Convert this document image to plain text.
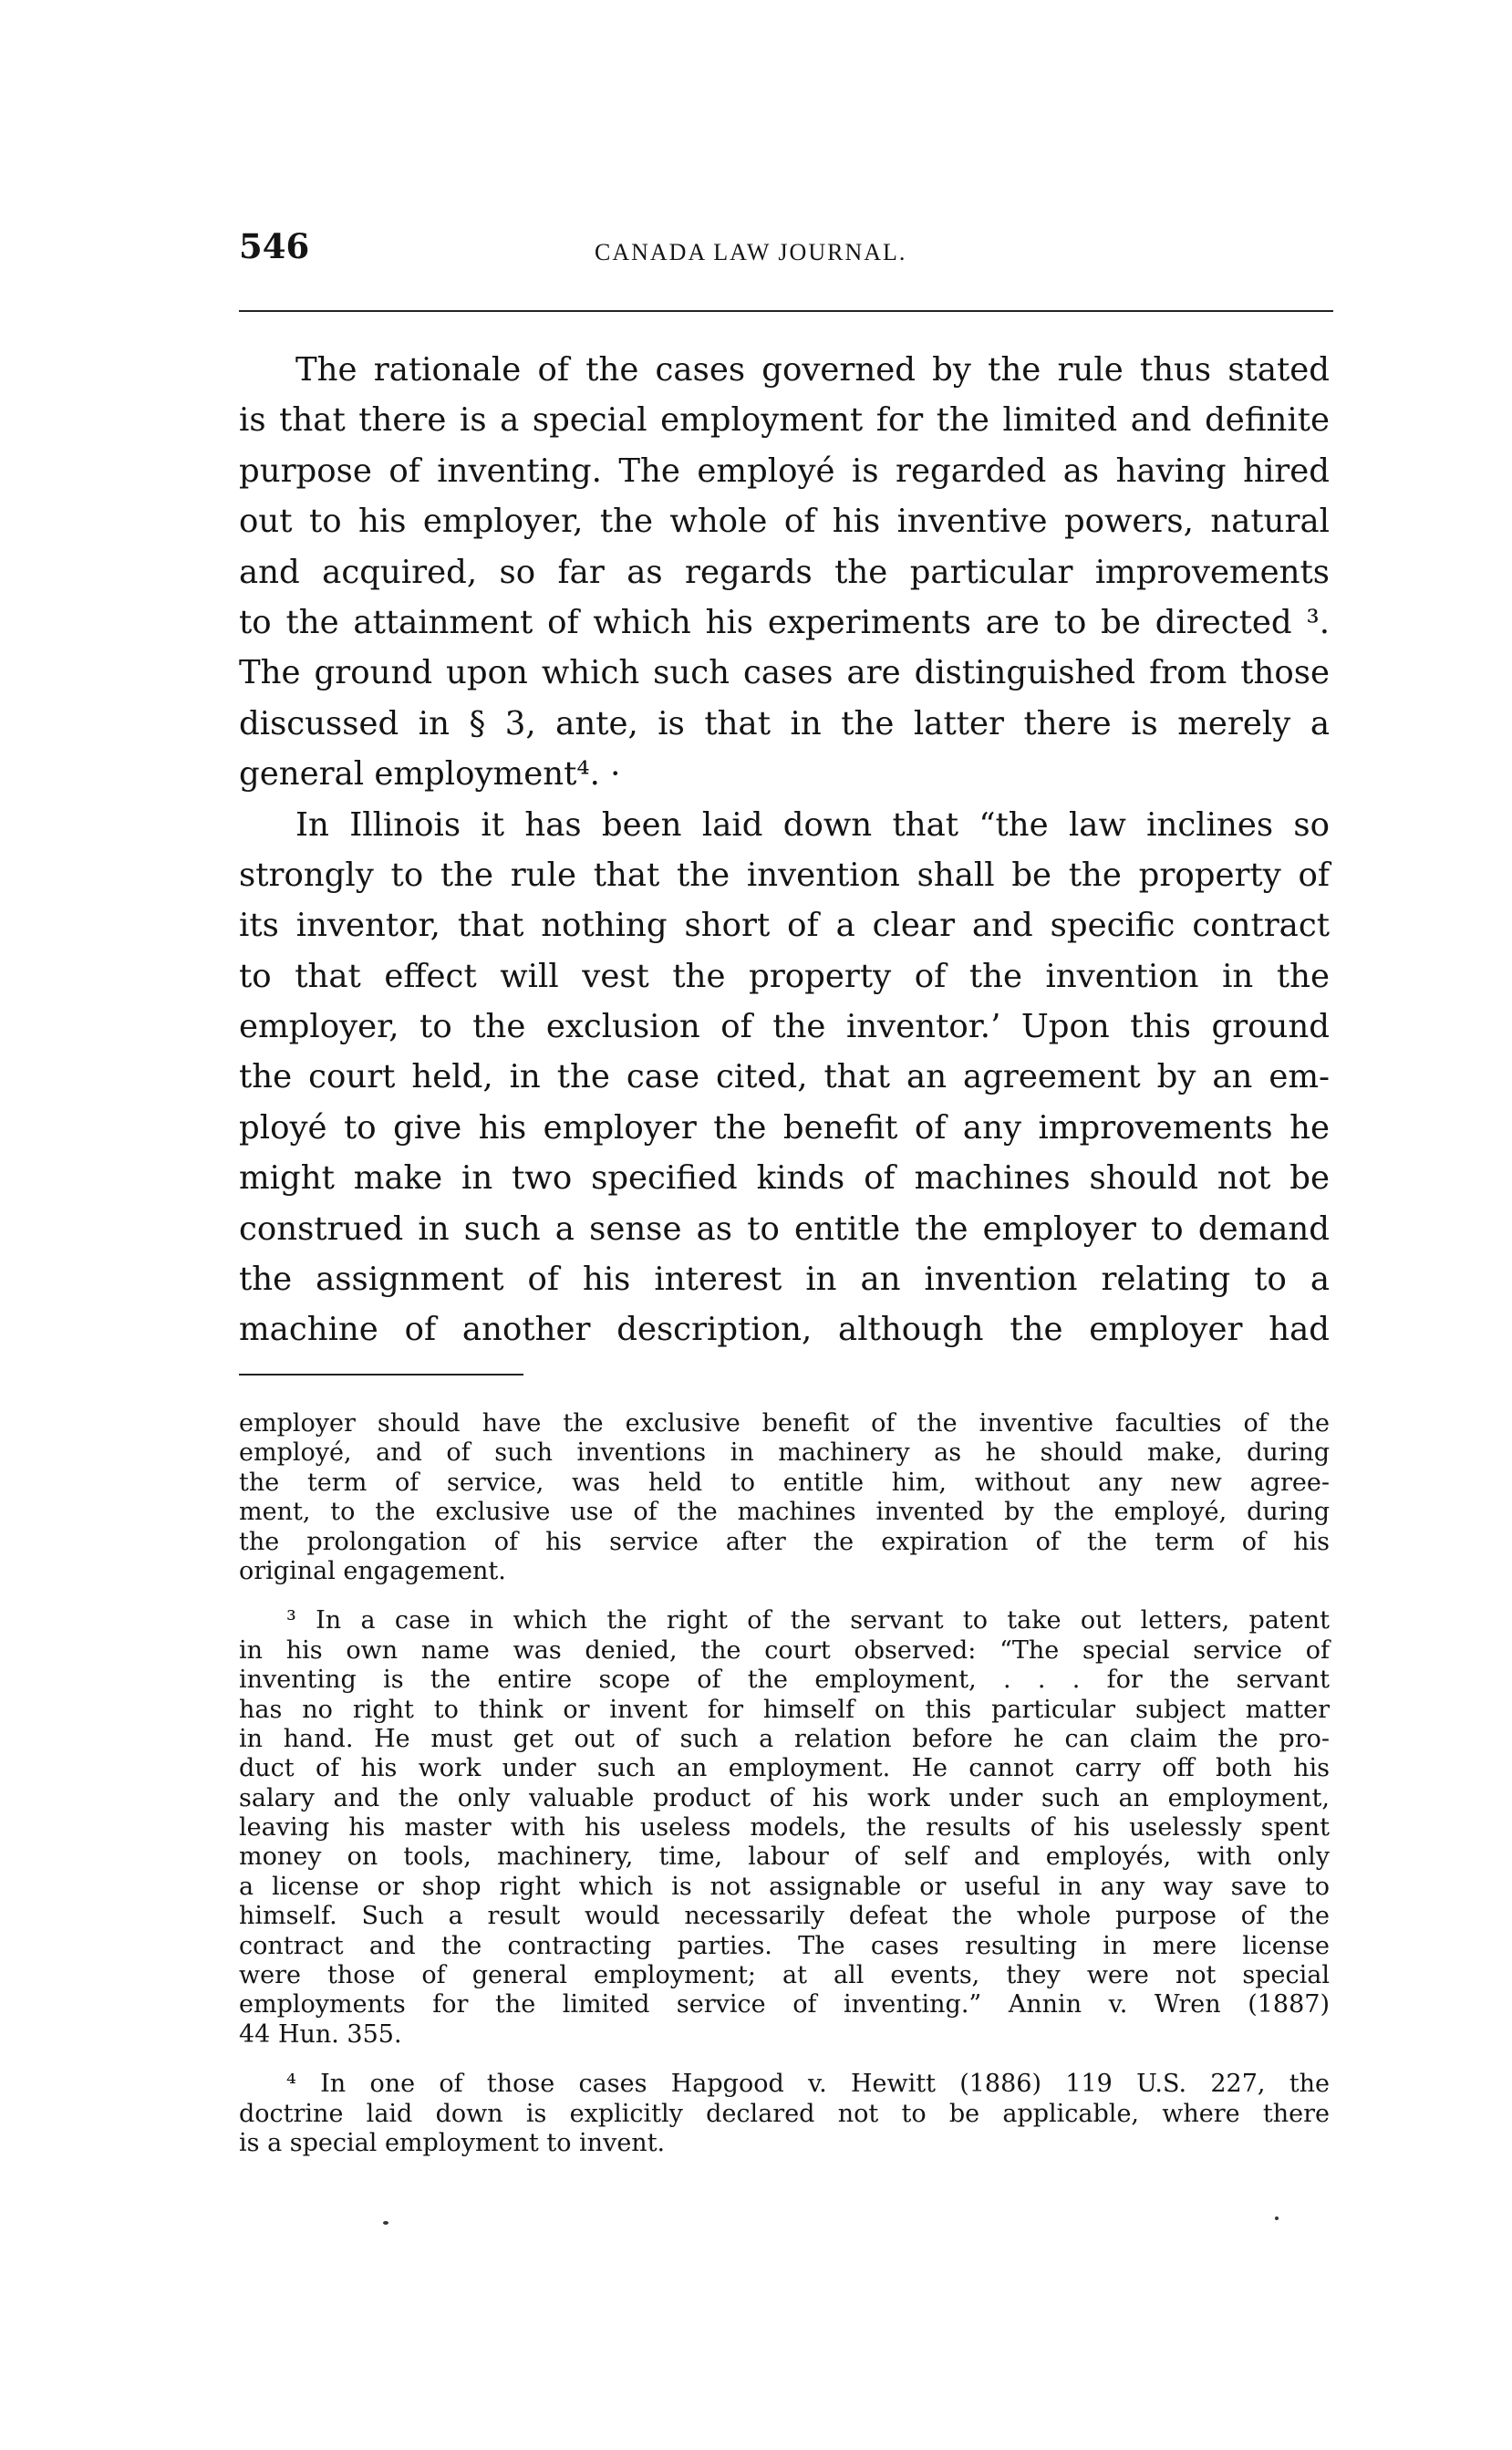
546	CANADA LAW JOURNAL.
The rationale of the cases governed by the rule thus stated
is that there is a special employment for the limited and definite
purpose of inventing. The employé is regarded as having hired
out to his employer, the whole of his inventive powers, natural
and acquired, so far as regards the particular improvements
to the attainment of which his experiments are to be directed ³.
The ground upon which such cases are distinguished from those
discussed in § 3, ante, is that in the latter there is merely a
general employment⁴. ·
In Illinois it has been laid down that “the law inclines so
strongly to the rule that the invention shall be the property of
its inventor, that nothing short of a clear and specific contract
to that effect will vest the property of the invention in the
employer, to the exclusion of the inventor.’ Upon this ground
the court held, in the case cited, that an agreement by an em-
ployé to give his employer the benefit of any improvements he
might make in two specified kinds of machines should not be
construed in such a sense as to entitle the employer to demand
the assignment of his interest in an invention relating to a
machine of another description, although the employer had
employer should have the exclusive benefit of the inventive faculties of the
employé, and of such inventions in machinery as he should make, during
the term of service, was held to entitle him, without any new agree-
ment, to the exclusive use of the machines invented by the employé, during
the prolongation of his service after the expiration of the term of his
original engagement.
³ In a case in which the right of the servant to take out letters, patent
in his own name was denied, the court observed: “The special service of
inventing is the entire scope of the employment, . . . for the servant
has no right to think or invent for himself on this particular subject matter
in hand. He must get out of such a relation before he can claim the pro-
duct of his work under such an employment. He cannot carry off both his
salary and the only valuable product of his work under such an employment,
leaving his master with his useless models, the results of his uselessly spent
money on tools, machinery, time, labour of self and employés, with only
a license or shop right which is not assignable or useful in any way save to
himself. Such a result would necessarily defeat the whole purpose of the
contract and the contracting parties. The cases resulting in mere license
were those of general employment; at all events, they were not special
employments for the limited service of inventing.” Annin v. Wren (1887)
44 Hun. 355.
⁴ In one of those cases Hapgood v. Hewitt (1886) 119 U.S. 227, the
doctrine laid down is explicitly declared not to be applicable, where there
is a special employment to invent.
